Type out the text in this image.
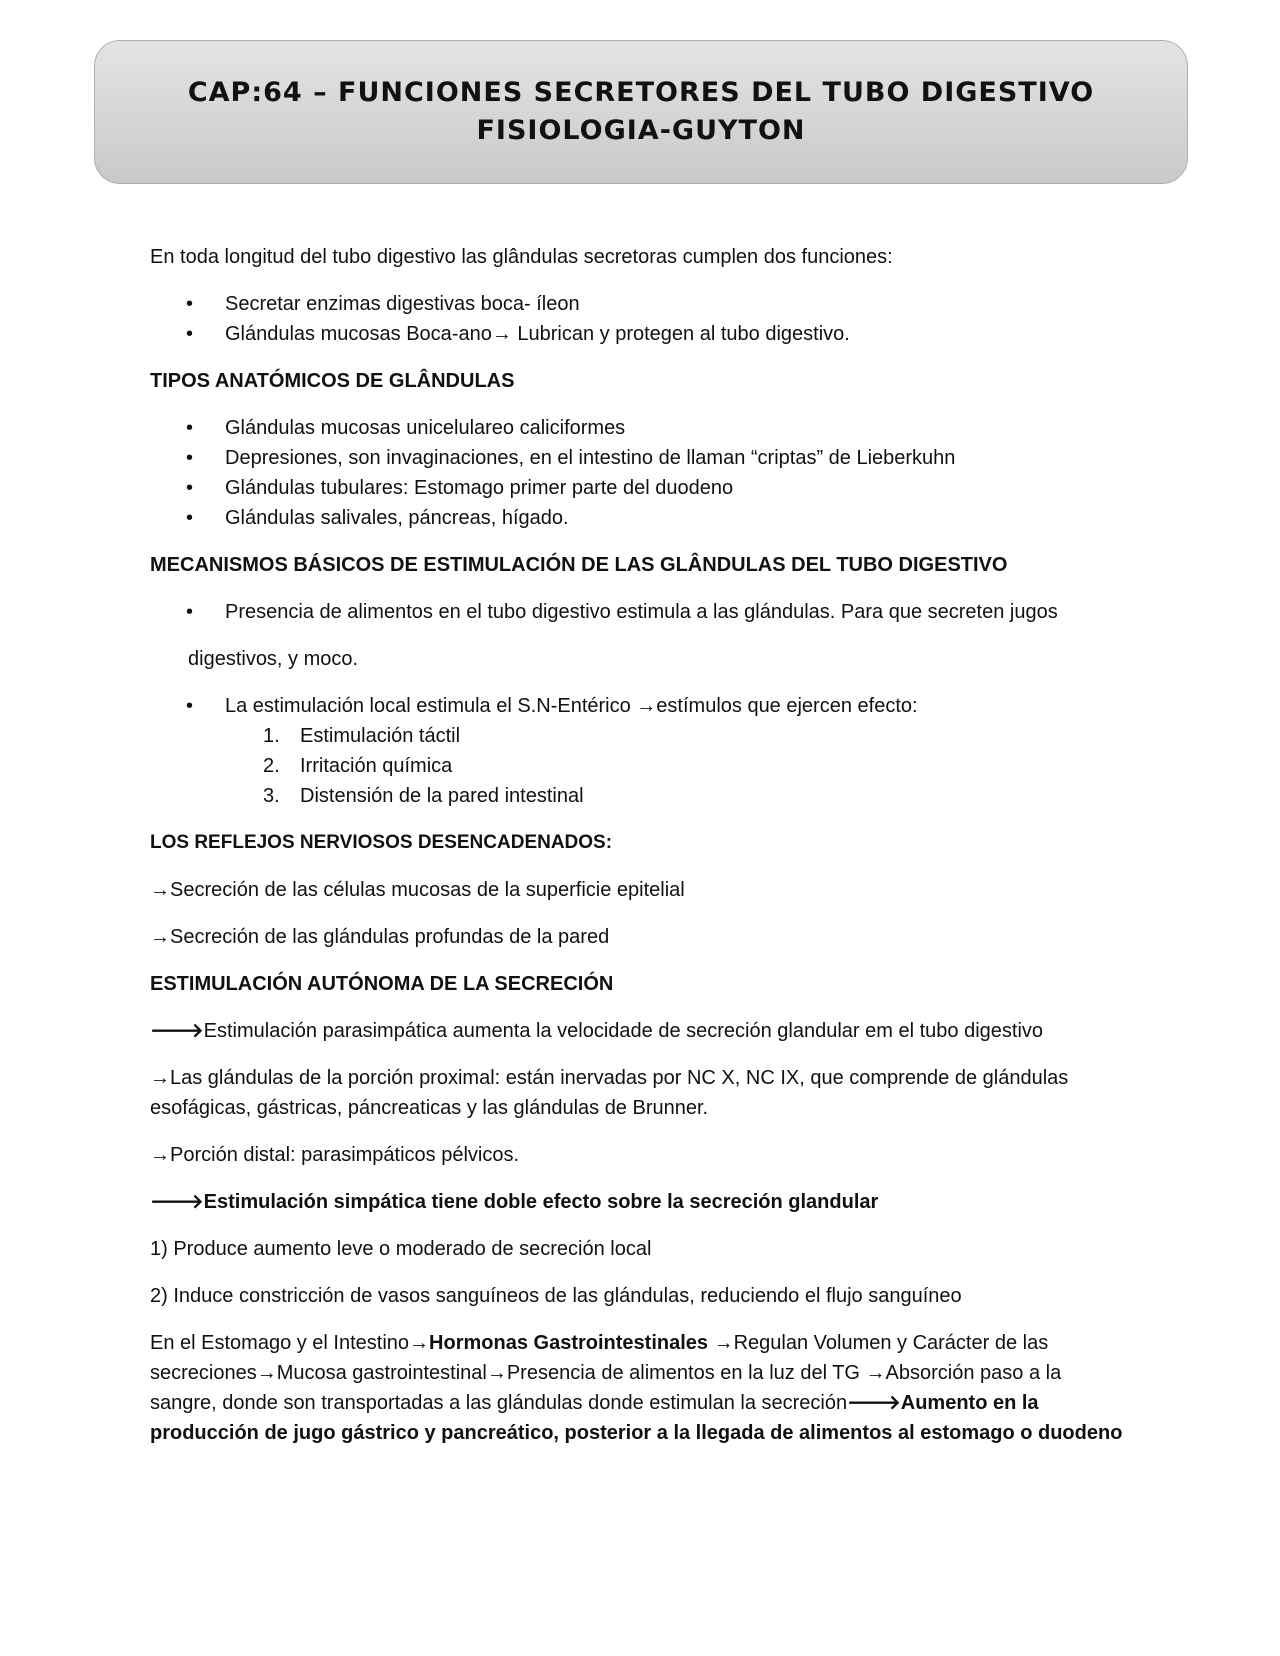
CAP:64 – FUNCIONES SECRETORES DEL TUBO DIGESTIVO
FISIOLOGIA-GUYTON

En toda longitud del tubo digestivo las glândulas secretoras cumplen dos funciones:

• Secretar enzimas digestivas boca- íleon
• Glándulas mucosas Boca-ano→ Lubrican y protegen al tubo digestivo.
TIPOS ANATÓMICOS DE GLÂNDULAS
• Glándulas mucosas unicelulareo caliciformes
• Depresiones, son invaginaciones, en el intestino de llaman “criptas” de Lieberkuhn
• Glándulas tubulares: Estomago primer parte del duodeno
• Glándulas salivales, páncreas, hígado.
MECANISMOS BÁSICOS DE ESTIMULACIÓN DE LAS GLÂNDULAS DEL TUBO DIGESTIVO
• Presencia de alimentos en el tubo digestivo estimula a las glándulas. Para que secreten jugos

digestivos, y moco.

• La estimulación local estimula el S.N-Entérico →estímulos que ejercen efecto:
1. Estimulación táctil
2. Irritación química
3. Distensión de la pared intestinal
LOS REFLEJOS NERVIOSOS DESENCADENADOS:

→Secreción de las células mucosas de la superficie epitelial

→Secreción de las glándulas profundas de la pared

ESTIMULACIÓN AUTÓNOMA DE LA SECRECIÓN

🡒Estimulación parasimpática aumenta la velocidade de secreción glandular em el tubo digestivo

→Las glándulas de la porción proximal: están inervadas por NC X, NC IX, que comprende de glándulas esofágicas, gástricas, páncreaticas y las glándulas de Brunner.

→Porción distal: parasimpáticos pélvicos.

🡒Estimulación simpática tiene doble efecto sobre la secreción glandular

1) Produce aumento leve o moderado de secreción local

2) Induce constricción de vasos sanguíneos de las glándulas, reduciendo el flujo sanguíneo

En el Estomago y el Intestino→Hormonas Gastrointestinales →Regulan Volumen y Carácter de las secreciones→Mucosa gastrointestinal→Presencia de alimentos en la luz del TG →Absorción paso a la sangre, donde son transportadas a las glándulas donde estimulan la secreción🡒Aumento en la producción de jugo gástrico y pancreático, posterior a la llegada de alimentos al estomago o duodeno
